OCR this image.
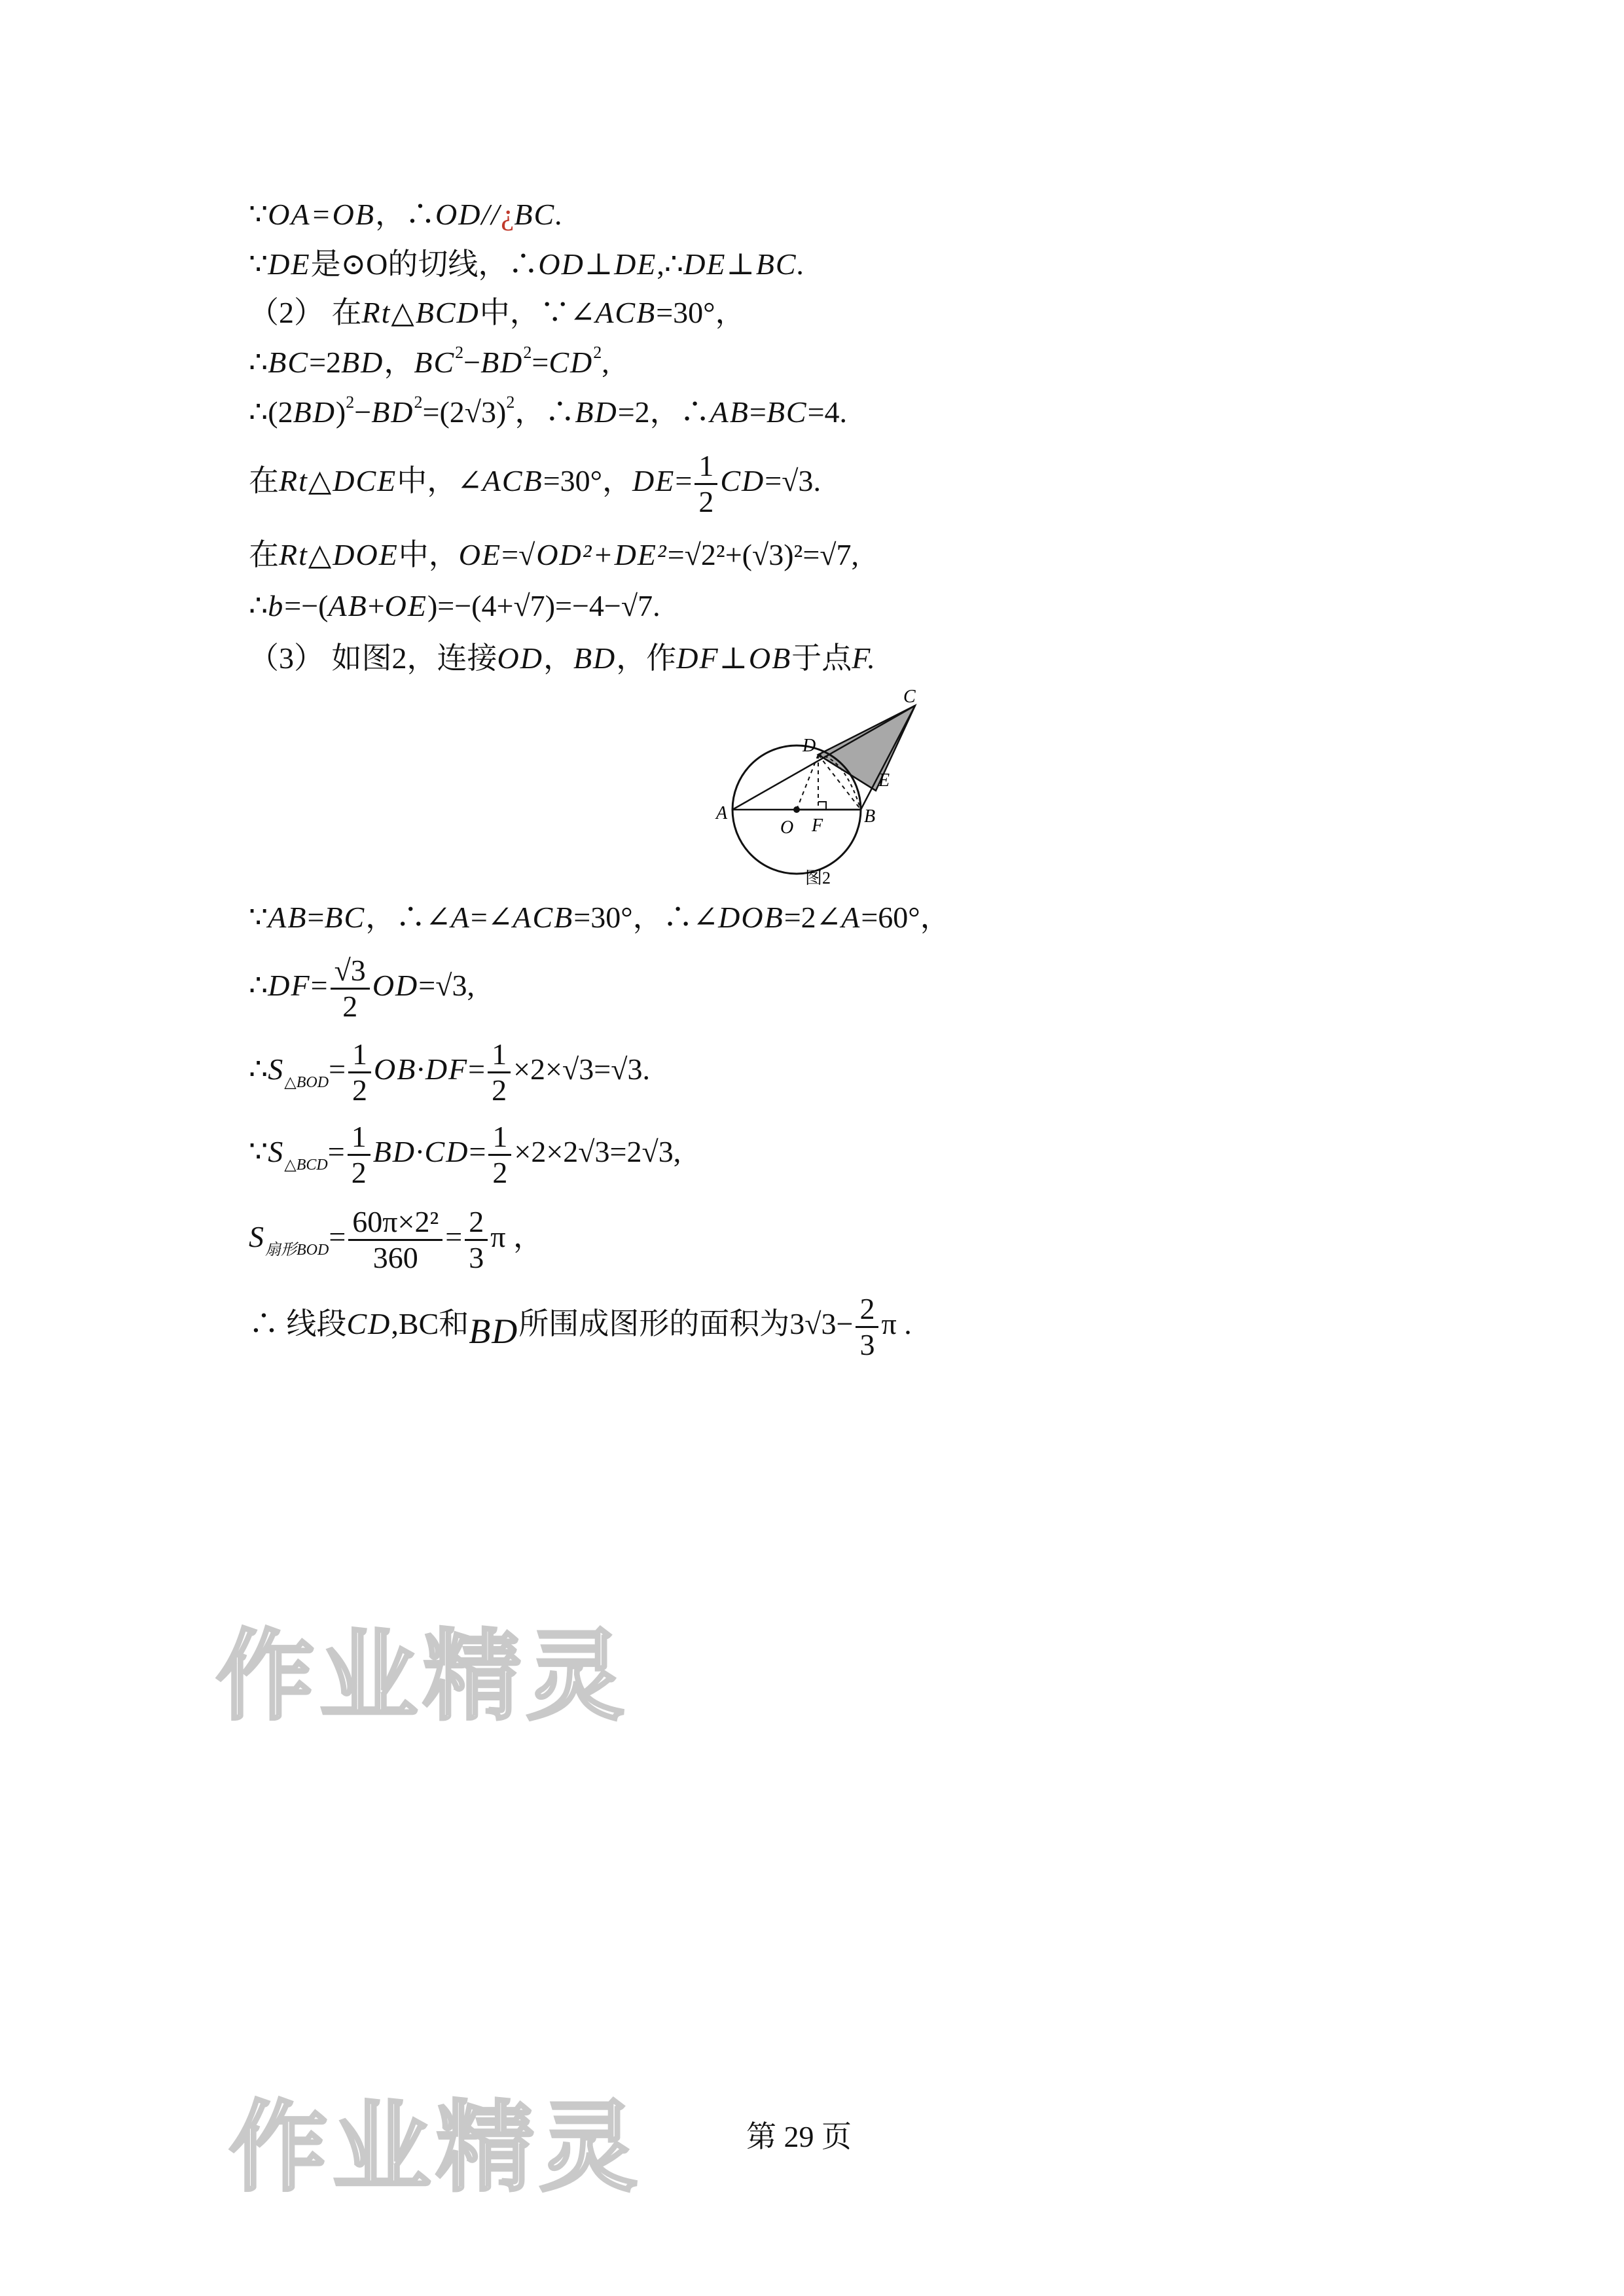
∵OA=OB，∴OD//¿BC.
∵DE是⊙O的切线，∴OD⊥DE,∴DE⊥BC.
（2） 在Rt△BCD中，∵∠ACB=30°，
∴BC=2BD，$BC^2-BD^2=CD^2$,
$\therefore(2BD)^2-BD^2=(2√3)^2$，∴BD=2，∴AB=BC=4.
在Rt△DCE中，∠ACB=30°，$DE= \frac{1}{2} CD=√3$.
在Rt△DOE中，OE=√OD²+DE²=√2²+(√3)²=√7,
∴b=−(AB+OE)=−(4+√7)=−4−√7.
（3） 如图2，连接OD，BD，作DF⊥OB于点F.
A	B
C
D
E
F
O
图2
∵AB=BC，∴∠A=∠ACB=30°，∴∠DOB=2∠A=60°，
∴DF= $\frac{√3}{2} OD=√3$,
$\therefore S_{\triangle BOD}= \frac{1}{2} OB\cdot DF= \frac{1}{2} \times 2\times√3=√3$.
$\because S_{\triangle BCD}= \frac{1}{2} BD\cdot CD= \frac{1}{2} \times 2\times 2√3=2√3$,
$S_{扇形BOD}= \frac{\text{60π×2²}}{360} = \frac{2}{3}$ π ，
∴ 线段CD,BC和BD所围成图形的面积为$3√3- \frac{2}{3}$ π .
作业精灵
作业精灵	第 29 页
